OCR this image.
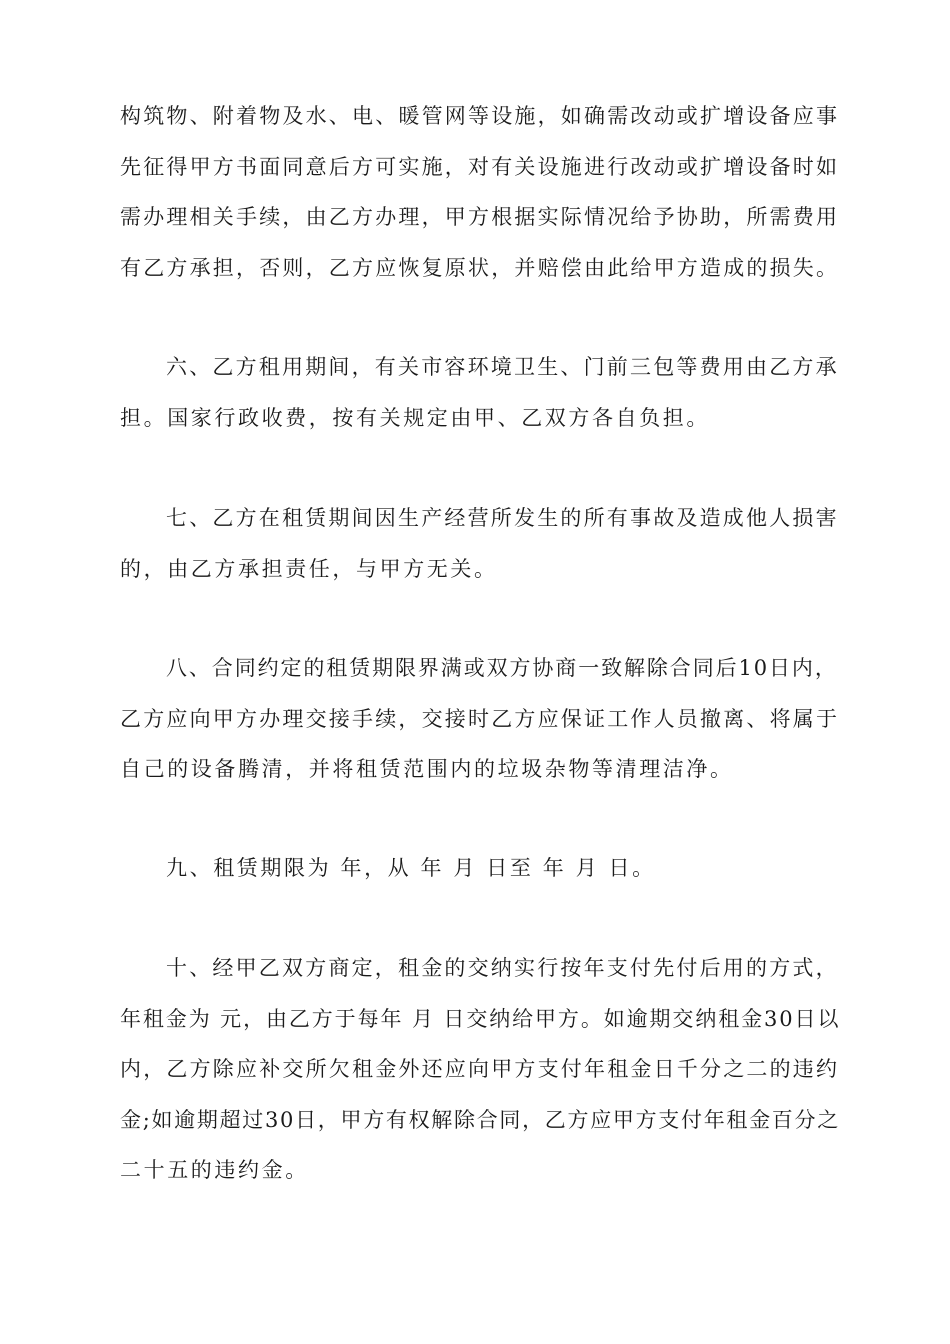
构筑物、附着物及水、电、暖管网等设施，如确需改动或扩增设备应事
先征得甲方书面同意后方可实施，对有关设施进行改动或扩增设备时如
需办理相关手续，由乙方办理，甲方根据实际情况给予协助，所需费用
有乙方承担，否则，乙方应恢复原状，并赔偿由此给甲方造成的损失。
六、乙方租用期间，有关市容环境卫生、门前三包等费用由乙方承
担。国家行政收费，按有关规定由甲、乙双方各自负担。
七、乙方在租赁期间因生产经营所发生的所有事故及造成他人损害
的，由乙方承担责任，与甲方无关。
八、合同约定的租赁期限界满或双方协商一致解除合同后10日内，
乙方应向甲方办理交接手续，交接时乙方应保证工作人员撤离、将属于
自己的设备腾清，并将租赁范围内的垃圾杂物等清理洁净。
九、租赁期限为 年，从 年 月 日至 年 月 日。
十、经甲乙双方商定，租金的交纳实行按年支付先付后用的方式，
年租金为 元，由乙方于每年 月 日交纳给甲方。如逾期交纳租金30日以
内，乙方除应补交所欠租金外还应向甲方支付年租金日千分之二的违约
金;如逾期超过30日，甲方有权解除合同，乙方应甲方支付年租金百分之
二十五的违约金。
